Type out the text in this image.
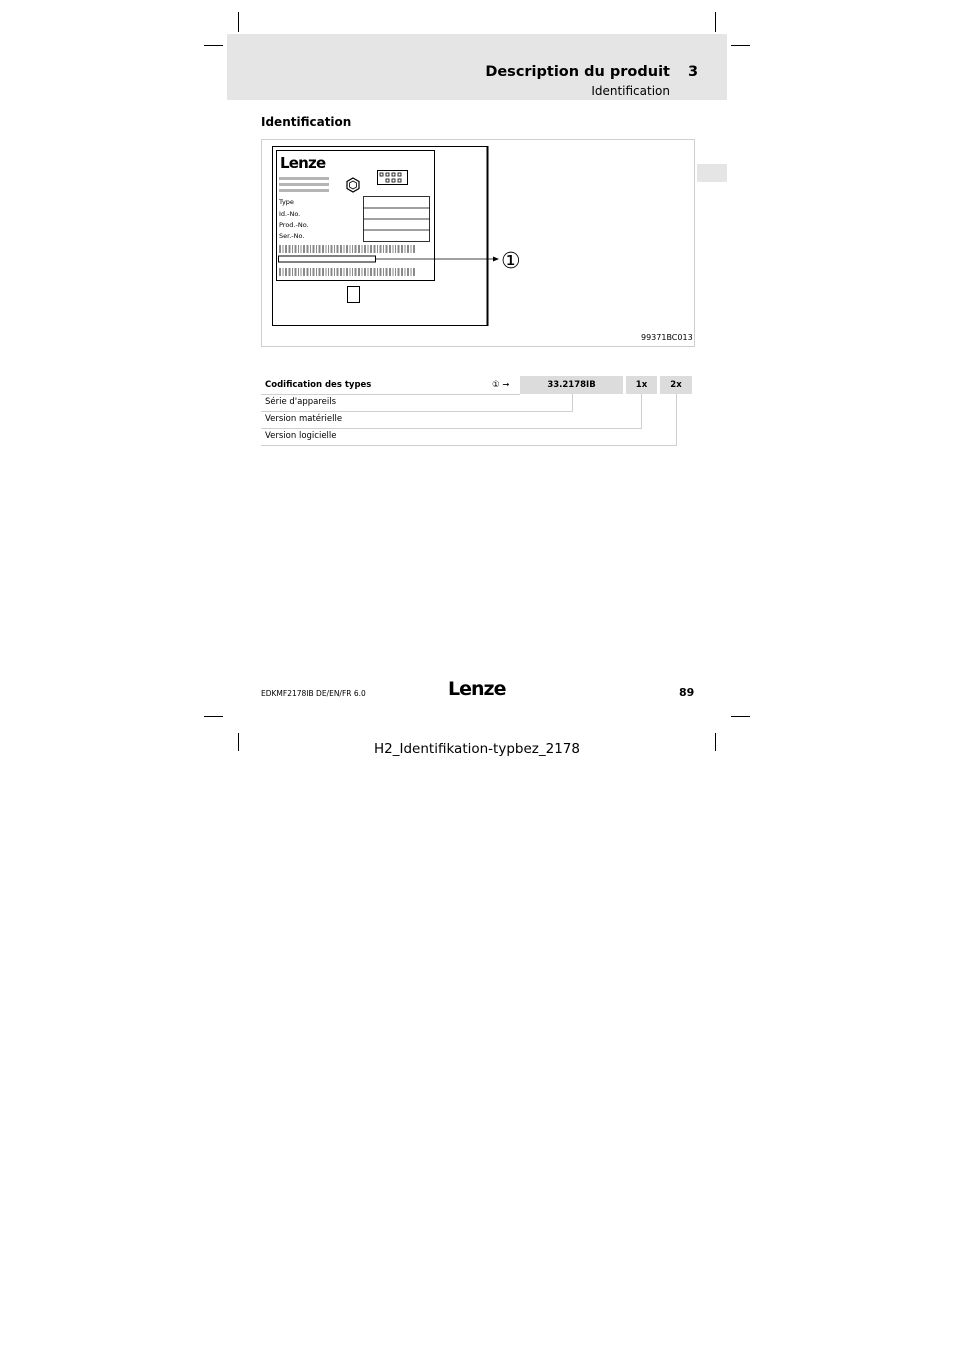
Description du produit 3
Identification
Identification
Lenze
Type
Id.-No.
Prod.-No.
Ser.-No.
①
99371BC013
Codification des types	① ➞	33.2178IB	1x	2x
Série d'appareils
Version matérielle
Version logicielle
EDKMF2178IB DE/EN/FR 6.0	Lenze	89
H2_Identifikation-typbez_2178
